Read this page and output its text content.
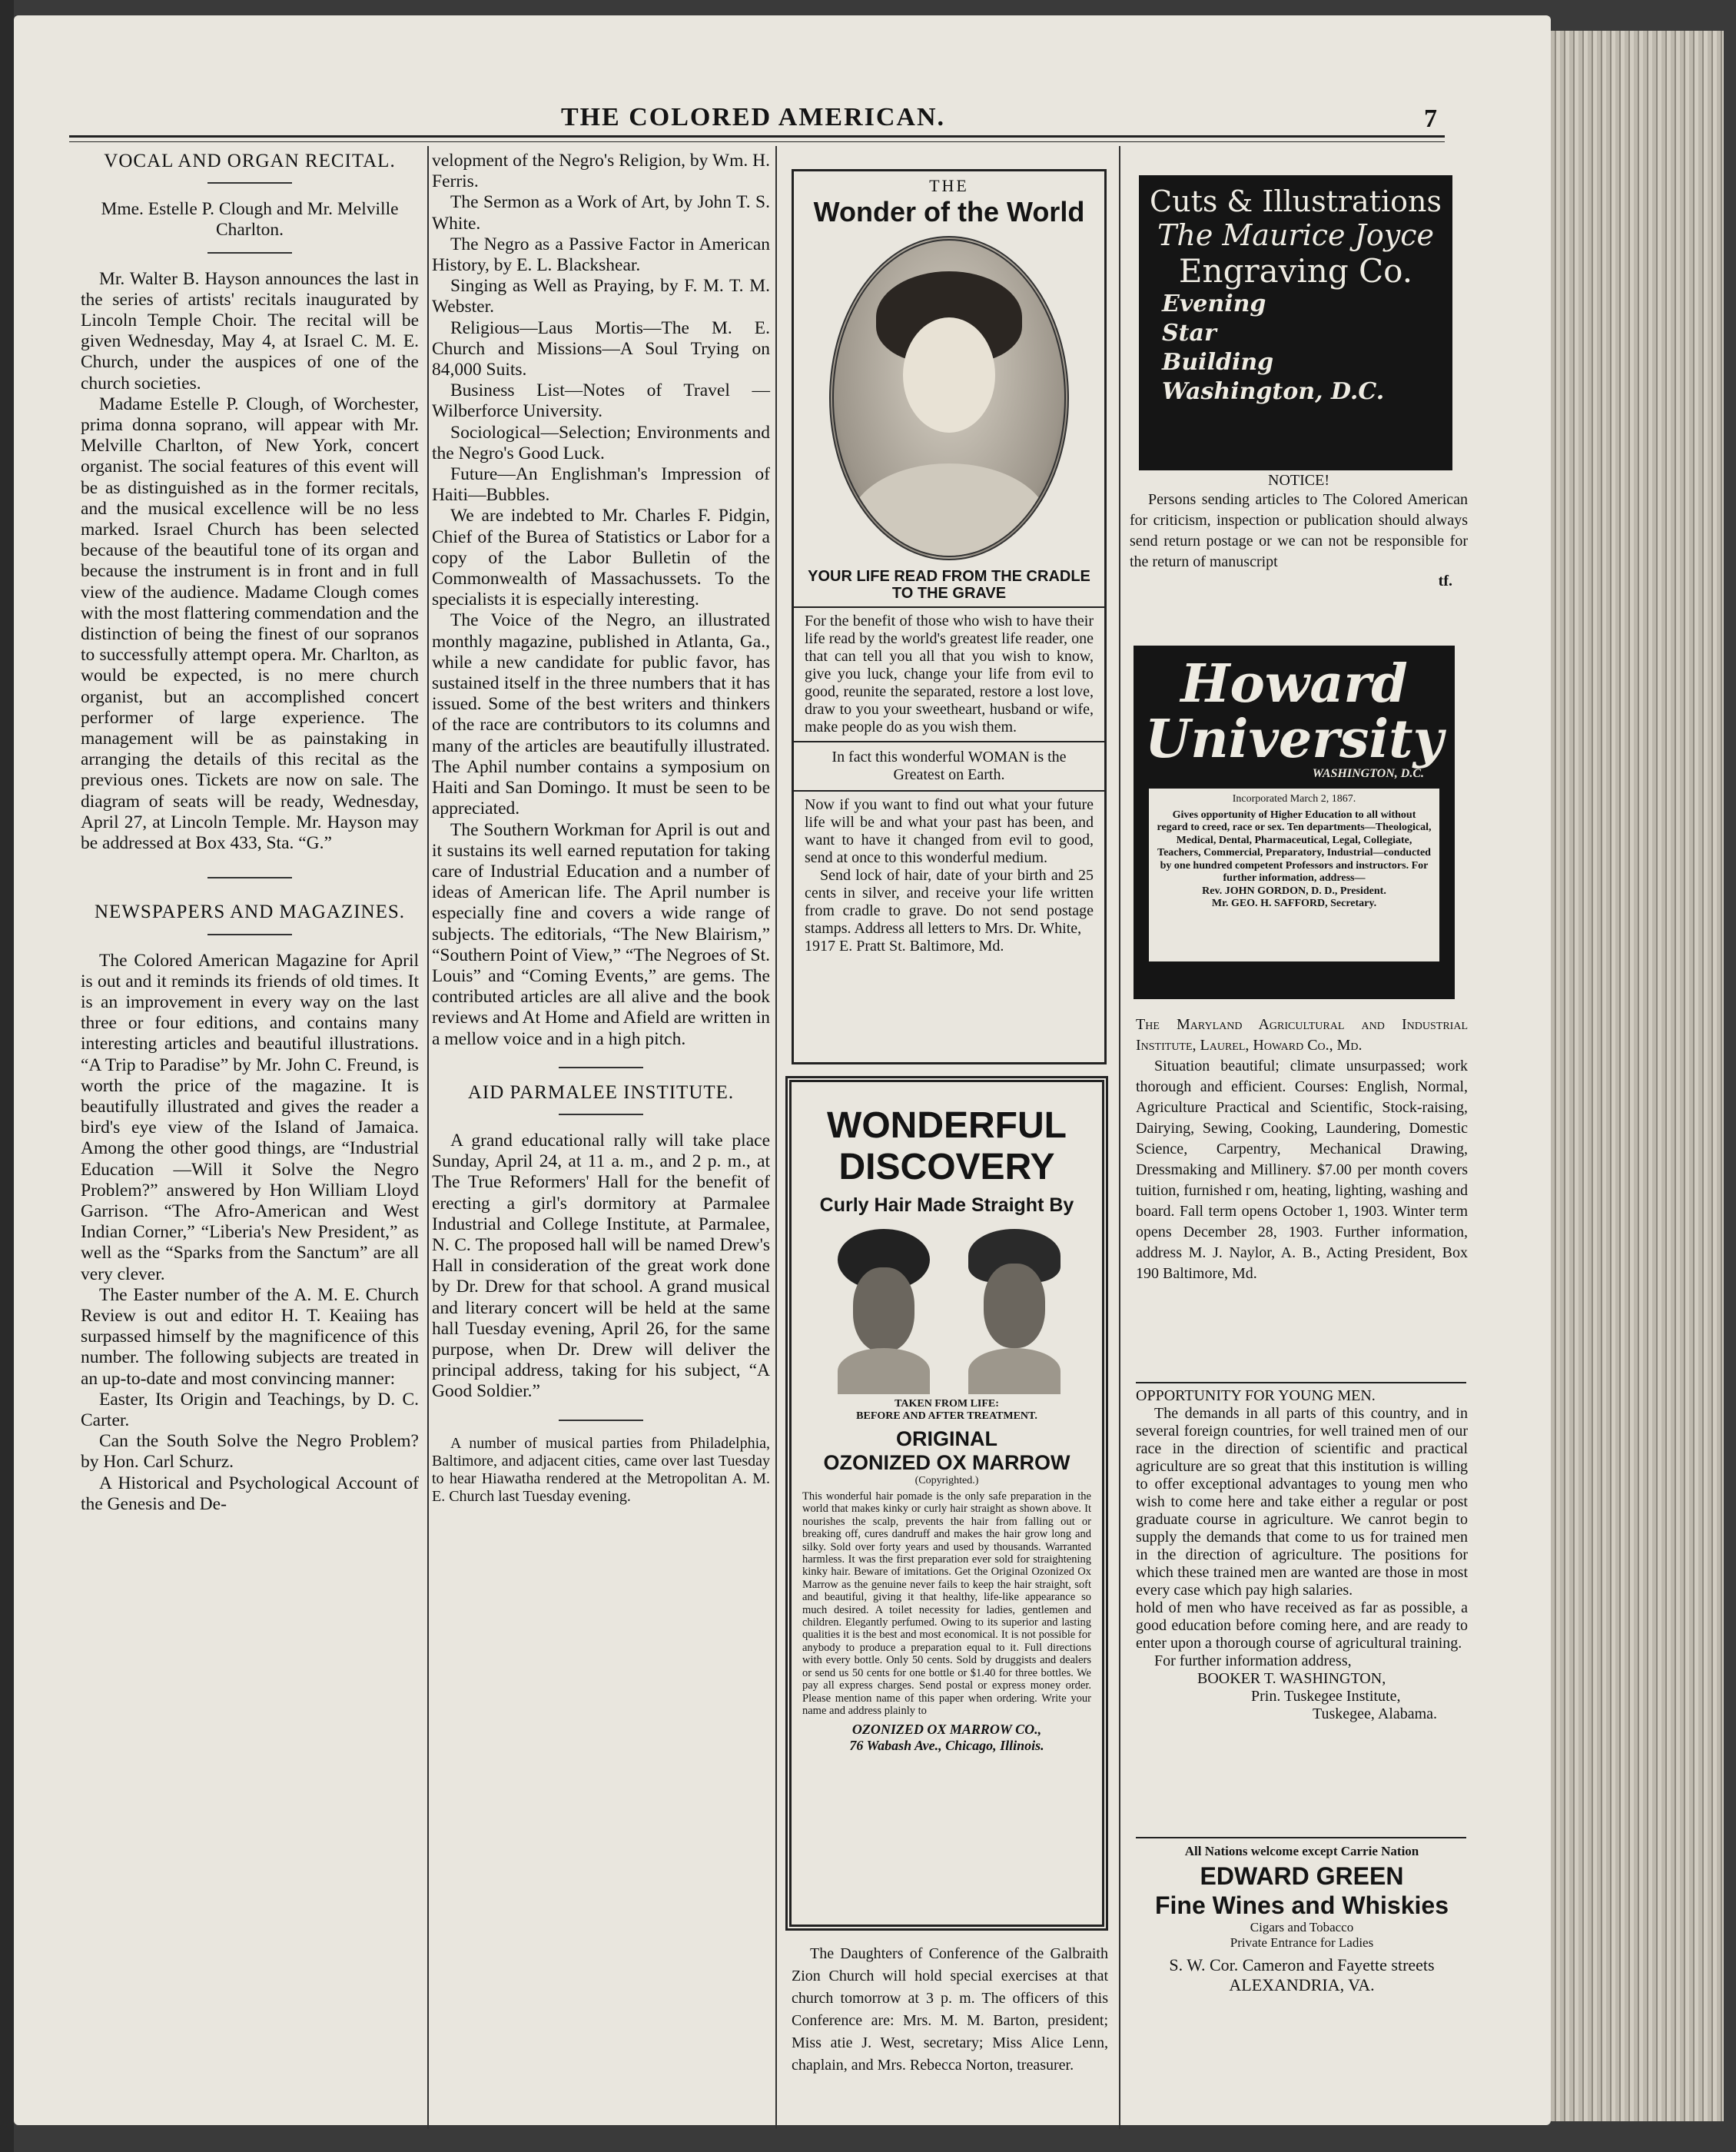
THE COLORED AMERICAN.	7
VOCAL AND ORGAN RECITAL.

Mme. Estelle P. Clough and Mr. Melville Charlton.

Mr. Walter B. Hayson announces the last in the series of artists' recitals inaugurated by Lincoln Temple Choir. The recital will be given Wednesday, May 4, at Israel C. M. E. Church, under the auspices of one of the church societies.

Madame Estelle P. Clough, of Worchester, prima donna soprano, will appear with Mr. Melville Charlton, of New York, concert organist. The social features of this event will be as distinguished as in the former recitals, and the musical excellence will be no less marked. Israel Church has been selected because of the beautiful tone of its organ and because the instrument is in front and in full view of the audience. Madame Clough comes with the most flattering commendation and the distinction of being the finest of our sopranos to successfully attempt opera. Mr. Charlton, as would be expected, is no mere church organist, but an accomplished concert performer of large experience. The management will be as painstaking in arranging the details of this recital as the previous ones. Tickets are now on sale. The diagram of seats will be ready, Wednesday, April 27, at Lincoln Temple. Mr. Hayson may be addressed at Box 433, Sta. “G.”

NEWSPAPERS AND MAGAZINES.

The Colored American Magazine for April is out and it reminds its friends of old times. It is an improvement in every way on the last three or four editions, and contains many interesting articles and beautiful illustrations. “A Trip to Paradise” by Mr. John C. Freund, is worth the price of the magazine. It is beautifully illustrated and gives the reader a bird's eye view of the Island of Jamaica. Among the other good things, are “Industrial Education —Will it Solve the Negro Problem?” answered by Hon William Lloyd Garrison. “The Afro-American and West Indian Corner,” “Liberia's New President,” as well as the “Sparks from the Sanctum” are all very clever.

The Easter number of the A. M. E. Church Review is out and editor H. T. Keaiing has surpassed himself by the magnificence of this number. The following subjects are treated in an up-to-date and most convincing manner:

Easter, Its Origin and Teachings, by D. C. Carter.

Can the South Solve the Negro Problem? by Hon. Carl Schurz.

A Historical and Psychological Account of the Genesis and De-

velopment of the Negro's Religion, by Wm. H. Ferris.

The Sermon as a Work of Art, by John T. S. White.

The Negro as a Passive Factor in American History, by E. L. Blackshear.

Singing as Well as Praying, by F. M. T. M. Webster.

Religious—Laus Mortis—The M. E. Church and Missions—A Soul Trying on 84,000 Suits.

Business List—Notes of Travel —Wilberforce University.

Sociological—Selection; Environments and the Negro's Good Luck.

Future—An Englishman's Impression of Haiti—Bubbles.

We are indebted to Mr. Charles F. Pidgin, Chief of the Burea of Statistics or Labor for a copy of the Labor Bulletin of the Commonwealth of Massachussets. To the specialists it is especially interesting.

The Voice of the Negro, an illustrated monthly magazine, published in Atlanta, Ga., while a new candidate for public favor, has sustained itself in the three numbers that it has issued. Some of the best writers and thinkers of the race are contributors to its columns and many of the articles are beautifully illustrated. The Aphil number contains a symposium on Haiti and San Domingo. It must be seen to be appreciated.

The Southern Workman for April is out and it sustains its well earned reputation for taking care of Industrial Education and a number of ideas of American life. The April number is especially fine and covers a wide range of subjects. The editorials, “The New Blairism,” “Southern Point of View,” “The Negroes of St. Louis” and “Coming Events,” are gems. The contributed articles are all alive and the book reviews and At Home and Afield are written in a mellow voice and in a high pitch.

AID PARMALEE INSTITUTE.

A grand educational rally will take place Sunday, April 24, at 11 a. m., and 2 p. m., at The True Reformers' Hall for the benefit of erecting a girl's dormitory at Parmalee Industrial and College Institute, at Parmalee, N. C. The proposed hall will be named Drew's Hall in consideration of the great work done by Dr. Drew for that school. A grand musical and literary concert will be held at the same hall Tuesday evening, April 26, for the same purpose, when Dr. Drew will deliver the principal address, taking for his subject, “A Good Soldier.”

A number of musical parties from Philadelphia, Baltimore, and adjacent cities, came over last Tuesday to hear Hiawatha rendered at the Metropolitan A. M. E. Church last Tuesday evening.

THE
Wonder of the World
YOUR LIFE READ FROM THE CRADLE TO THE GRAVE

For the benefit of those who wish to have their life read by the world's greatest life reader, one that can tell you all that you wish to know, give you luck, change your life from evil to good, reunite the separated, restore a lost love, draw to you your sweetheart, husband or wife, make people do as you wish them.

In fact this wonderful WOMAN is the Greatest on Earth.

Now if you want to find out what your future life will be and what your past has been, and want to have it changed from evil to good, send at once to this wonderful medium.

Send lock of hair, date of your birth and 25 cents in silver, and receive your life written from cradle to grave. Do not send postage stamps. Address all letters to Mrs. Dr. White,

1917 E. Pratt St. Baltimore, Md.

WONDERFUL
DISCOVERY
Curly Hair Made Straight By
TAKEN FROM LIFE:
BEFORE AND AFTER TREATMENT.
ORIGINAL
OZONIZED OX MARROW
(Copyrighted.)

This wonderful hair pomade is the only safe preparation in the world that makes kinky or curly hair straight as shown above. It nourishes the scalp, prevents the hair from falling out or breaking off, cures dandruff and makes the hair grow long and silky. Sold over forty years and used by thousands. Warranted harmless. It was the first preparation ever sold for straightening kinky hair. Beware of imitations. Get the Original Ozonized Ox Marrow as the genuine never fails to keep the hair straight, soft and beautiful, giving it that healthy, life-like appearance so much desired. A toilet necessity for ladies, gentlemen and children. Elegantly perfumed. Owing to its superior and lasting qualities it is the best and most economical. It is not possible for anybody to produce a preparation equal to it. Full directions with every bottle. Only 50 cents. Sold by druggists and dealers or send us 50 cents for one bottle or $1.40 for three bottles. We pay all express charges. Send postal or express money order. Please mention name of this paper when ordering. Write your name and address plainly to

OZONIZED OX MARROW CO.,
76 Wabash Ave., Chicago, Illinois.

The Daughters of Conference of the Galbraith Zion Church will hold special exercises at that church tomorrow at 3 p. m. The officers of this Conference are: Mrs. M. M. Barton, president; Miss atie J. West, secretary; Miss Alice Lenn, chaplain, and Mrs. Rebecca Norton, treasurer.

Cuts & Illustrations
The Maurice Joyce
Engraving Co.
Evening
Star
Building
Washington, D.C.
NOTICE!

Persons sending articles to The Colored American for criticism, inspection or publication should always send return postage or we can not be responsible for the return of manuscript

tf.
Howard
University
WASHINGTON, D.C.
Incorporated March 2, 1867.
Gives opportunity of Higher Education to all without regard to creed, race or sex. Ten departments—Theological, Medical, Dental, Pharmaceutical, Legal, Collegiate, Teachers, Commercial, Preparatory, Industrial—conducted by one hundred competent Professors and instructors. For further information, address—
Rev. JOHN GORDON, D. D., President.
Mr. GEO. H. SAFFORD, Secretary.

The Maryland Agricultural and Industrial Institute, Laurel, Howard Co., Md.

Situation beautiful; climate unsurpassed; work thorough and efficient. Courses: English, Normal, Agriculture Practical and Scientific, Stock-raising, Dairying, Sewing, Cooking, Laundering, Domestic Science, Carpentry, Mechanical Drawing, Dressmaking and Millinery. $7.00 per month covers tuition, furnished r om, heating, lighting, washing and board. Fall term opens October 1, 1903. Winter term opens December 28, 1903. Further information, address M. J. Naylor, A. B., Acting President, Box 190 Baltimore, Md.

OPPORTUNITY FOR YOUNG MEN.

The demands in all parts of this country, and in several foreign countries, for well trained men of our race in the direction of scientific and practical agriculture are so great that this institution is willing to offer exceptional advantages to young men who wish to come here and take either a regular or post graduate course in agriculture. We canrot begin to supply the demands that come to us for trained men in the direction of agriculture. The positions for which these trained men are wanted are those in most every case which pay high salaries.

hold of men who have received as far as possible, a good education before coming here, and are ready to enter upon a thorough course of agricultural training.

For further information address,

BOOKER T. WASHINGTON,
Prin. Tuskegee Institute,
Tuskegee, Alabama.
All Nations welcome except Carrie Nation
EDWARD GREEN
Fine Wines and Whiskies
Cigars and Tobacco
Private Entrance for Ladies
S. W. Cor. Cameron and Fayette streets
ALEXANDRIA, VA.
